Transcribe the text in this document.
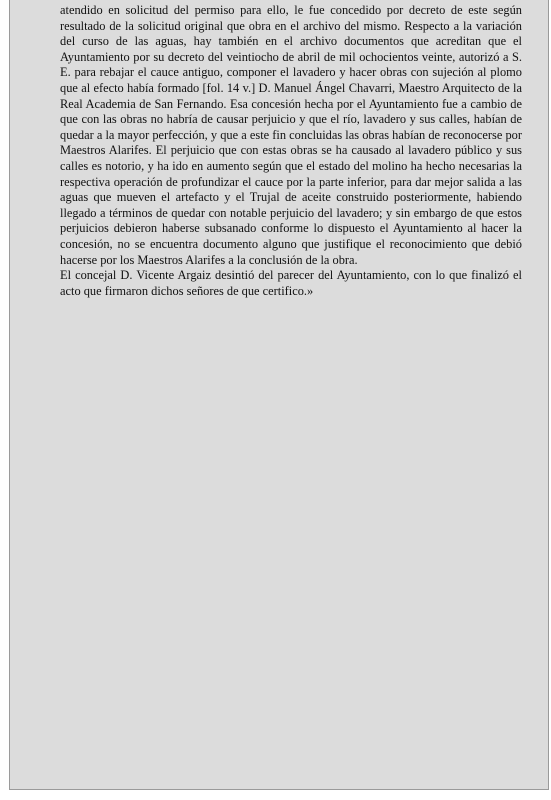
atendido en solicitud del permiso para ello, le fue concedido por decreto de este según resultado de la solicitud original que obra en el archivo del mismo. Respecto a la variación del curso de las aguas, hay también en el archivo documentos que acreditan que el Ayuntamiento por su decreto del veintiocho de abril de mil ochocientos veinte, autorizó a S. E. para rebajar el cauce antiguo, componer el lavadero y hacer obras con sujeción al plomo que al efecto había formado [fol. 14 v.] D. Manuel Ángel Chavarri, Maestro Arquitecto de la Real Academia de San Fernando. Esa concesión hecha por el Ayuntamiento fue a cambio de que con las obras no habría de causar perjuicio y que el río, lavadero y sus calles, habían de quedar a la mayor perfección, y que a este fin concluidas las obras habían de reconocerse por Maestros Alarifes. El perjuicio que con estas obras se ha causado al lavadero público y sus calles es notorio, y ha ido en aumento según que el estado del molino ha hecho necesarias la respectiva operación de profundizar el cauce por la parte inferior, para dar mejor salida a las aguas que mueven el artefacto y el Trujal de aceite construido posteriormente, habiendo llegado a términos de quedar con notable perjuicio del lavadero; y sin embargo de que estos perjuicios debieron haberse subsanado conforme lo dispuesto el Ayuntamiento al hacer la concesión, no se encuentra documento alguno que justifique el reconocimiento que debió hacerse por los Maestros Alarifes a la conclusión de la obra.

El concejal D. Vicente Argaiz desintió del parecer del Ayuntamiento, con lo que finalizó el acto que firmaron dichos señores de que certifico.»
